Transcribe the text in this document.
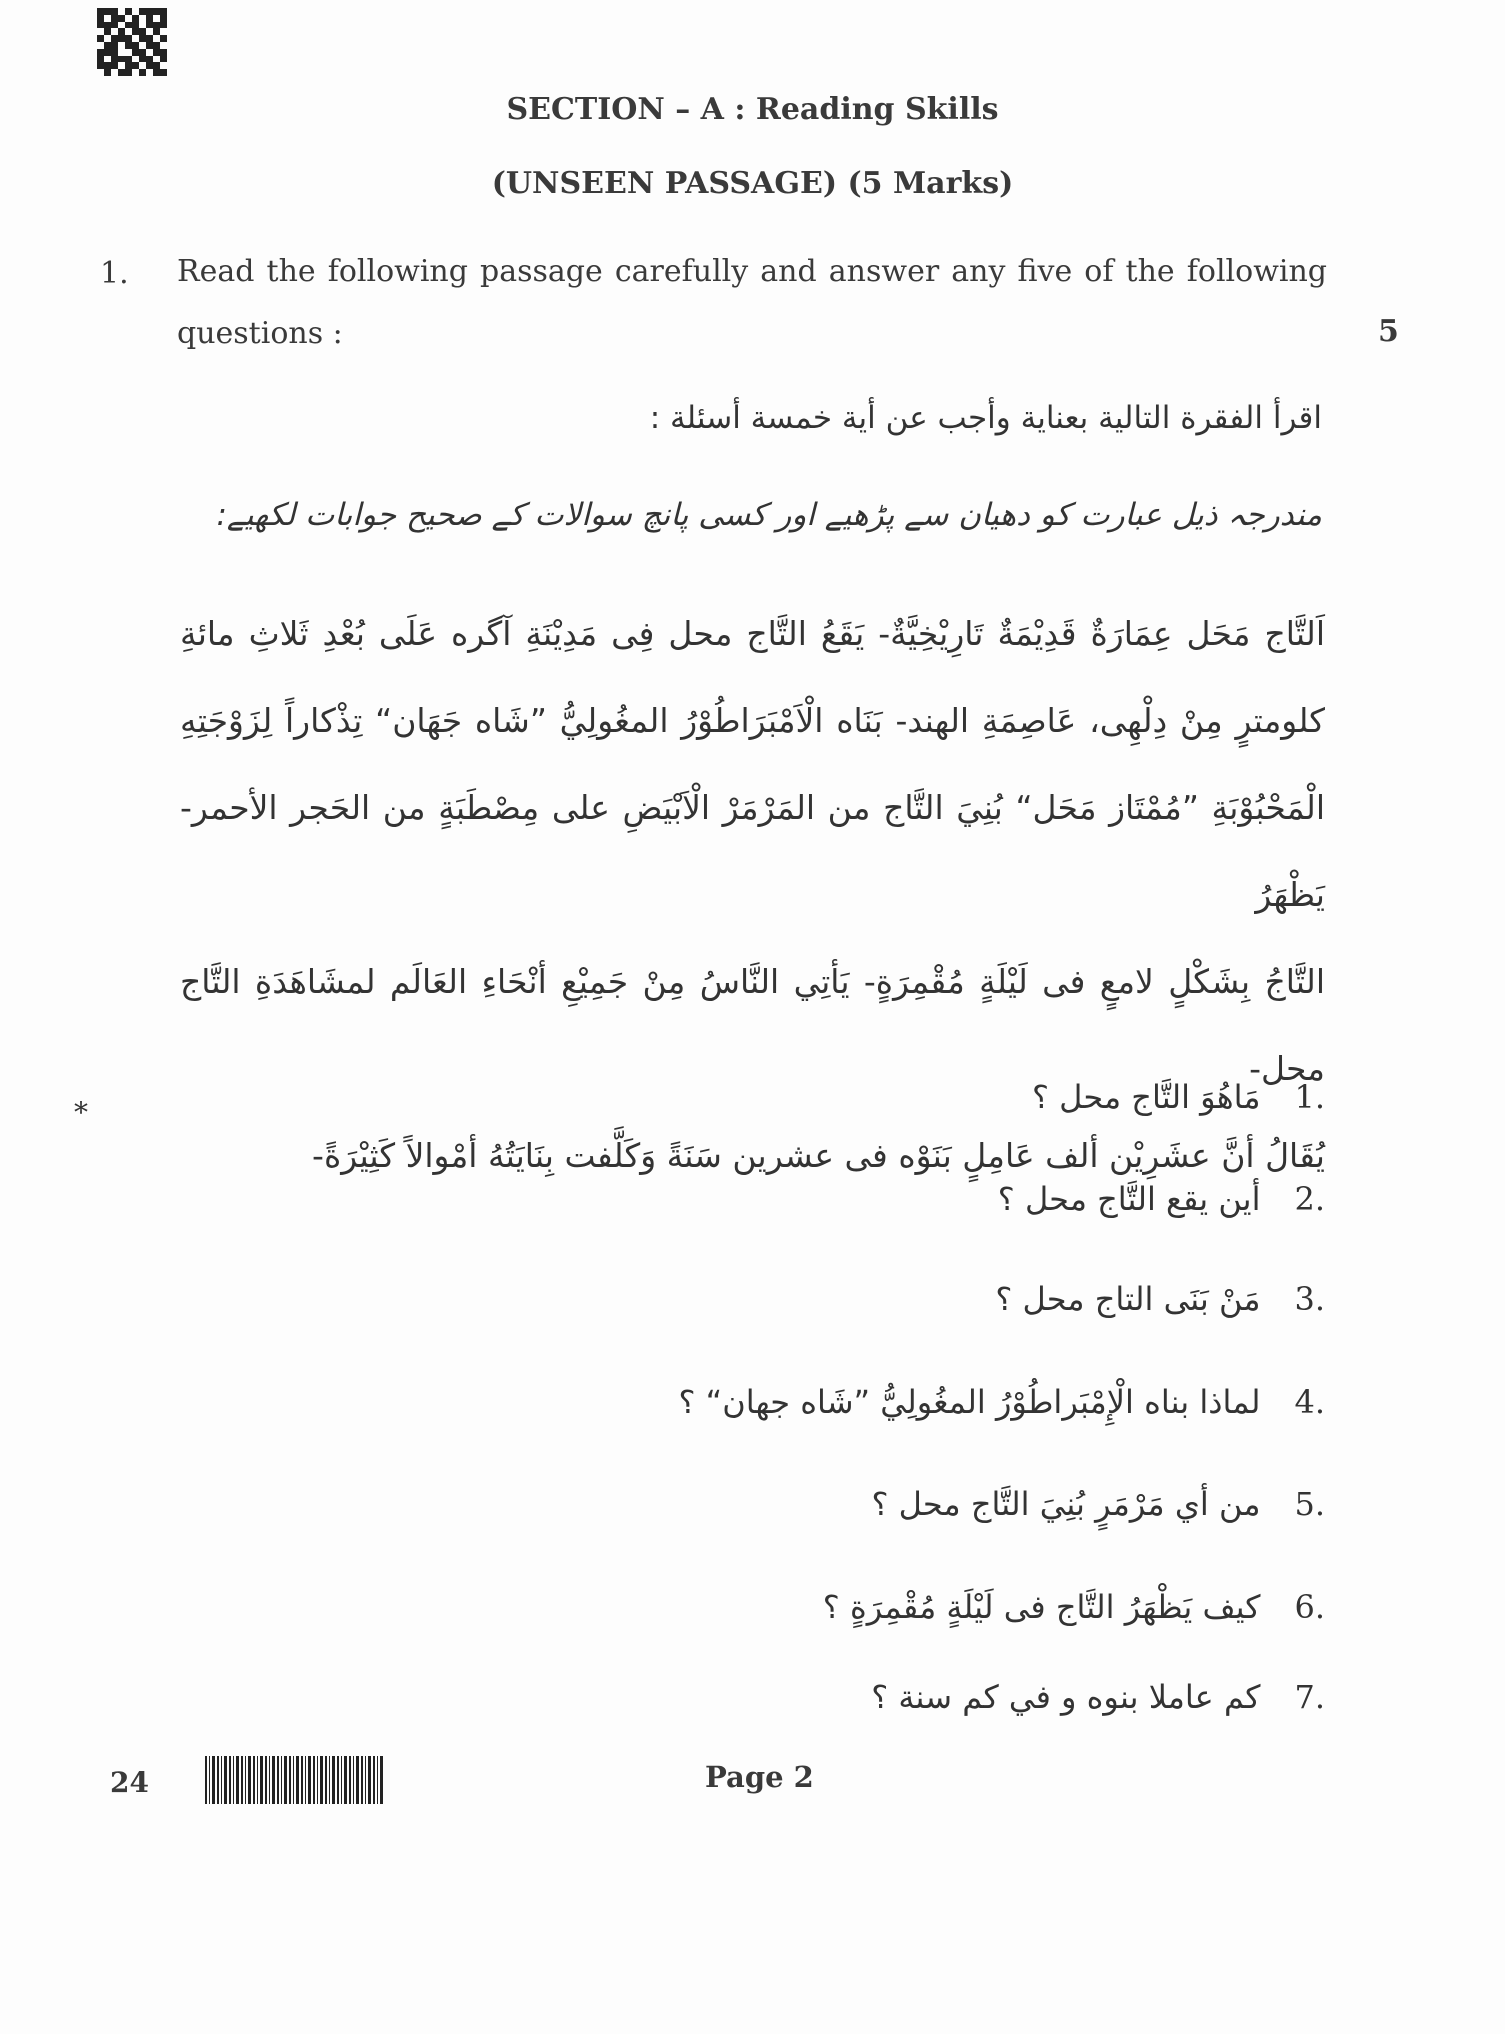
SECTION – A : Reading Skills
(UNSEEN PASSAGE) (5 Marks)
1. Read the following passage carefully and answer any five of the following
questions :	5
اقرأ الفقرة التالية بعناية وأجب عن أية خمسة أسئلة :
مندرجہ ذیل عبارت کو دھیان سے پڑھیے اور کسی پانچ سوالات کے صحیح جوابات لکھیے:
اَلتَّاج مَحَل عِمَارَةٌ قَدِيْمَةٌ تَارِيْخِيَّةٌ- يَقَعُ التَّاج محل فِی مَدِيْنَةِ آگره عَلَى بُعْدِ ثَلاثِ مائةِ
كلومترٍ مِنْ دِلْهِی، عَاصِمَةِ الهند- بَنَاه الْاَمْبَرَاطُوْرُ المغُولِيُّ ”شَاه جَهَان“ تِذْكاراً لِزَوْجَتِهِ
الْمَحْبُوْبَةِ ”مُمْتَاز مَحَل“ بُنِيَ التَّاج من المَرْمَرْ الْاَبْيَضِ على مِصْطَبَةٍ من الحَجر الأحمر- يَظْهَرُ
التَّاجُ بِشَكْلٍ لامعٍ فی لَيْلَةٍ مُقْمِرَةٍ- يَأتِي النَّاسُ مِنْ جَمِيْعِ أنْحَاءِ العَالَم لمشَاهَدَةِ التَّاج محل-
يُقَالُ أنَّ عشَرِيْن ألف عَامِلٍ بَنَوْه فی عشرين سَنَةً وَكَلَّفت بِنَايَتُهُ أمْوالاً كَثِيْرَةً-
1.
مَاهُوَ التَّاج محل ؟
2.
أين يقع التَّاج محل ؟
3.
مَنْ بَنَى التاج محل ؟
4.
لماذا بناه الْإِمْبَراطُوْرُ المغُولِيُّ ”شَاه جهان“ ؟
5.
من أي مَرْمَرٍ بُنِيَ التَّاج محل ؟
6.
كيف يَظْهَرُ التَّاج فی لَيْلَةٍ مُقْمِرَةٍ ؟
7.
كم عاملا بنوه و في كم سنة ؟
*
24	Page 2
